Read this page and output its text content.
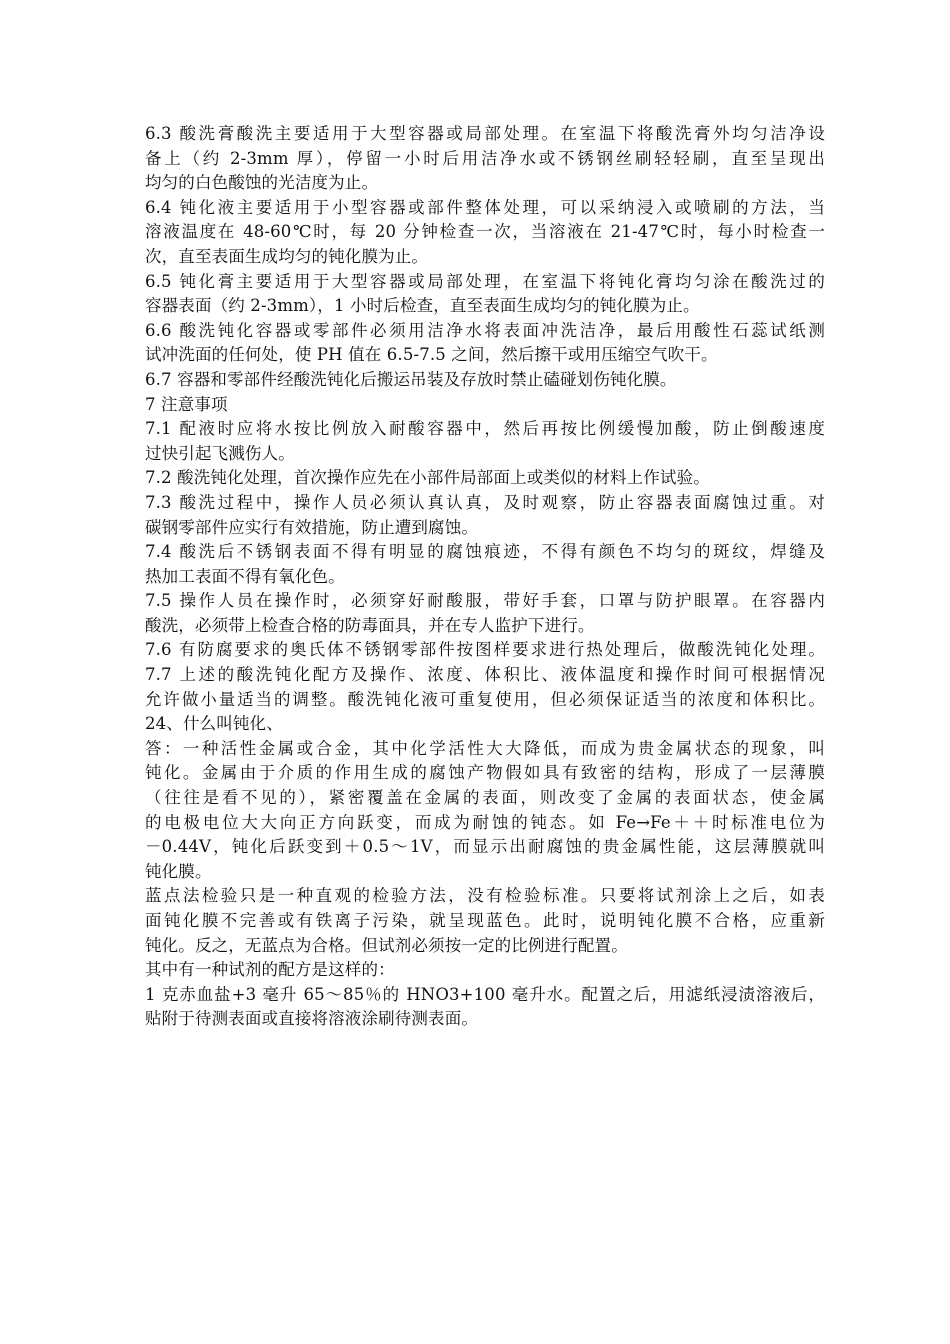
6.3 酸洗膏酸洗主要适用于大型容器或局部处理。在室温下将酸洗膏外均匀洁净设
备上（约 2-3mm 厚），停留一小时后用洁净水或不锈钢丝刷轻轻刷，直至呈现出
均匀的白色酸蚀的光洁度为止。
6.4 钝化液主要适用于小型容器或部件整体处理，可以采纳浸入或喷刷的方法，当
溶液温度在 48-60℃时，每 20 分钟检查一次，当溶液在 21-47℃时，每小时检查一
次，直至表面生成均匀的钝化膜为止。
6.5 钝化膏主要适用于大型容器或局部处理，在室温下将钝化膏均匀涂在酸洗过的
容器表面（约 2-3mm），1 小时后检查，直至表面生成均匀的钝化膜为止。
6.6 酸洗钝化容器或零部件必须用洁净水将表面冲洗洁净，最后用酸性石蕊试纸测
试冲洗面的任何处，使 PH 值在 6.5-7.5 之间，然后擦干或用压缩空气吹干。
6.7 容器和零部件经酸洗钝化后搬运吊装及存放时禁止磕碰划伤钝化膜。
7 注意事项
7.1 配液时应将水按比例放入耐酸容器中，然后再按比例缓慢加酸，防止倒酸速度
过快引起飞溅伤人。
7.2 酸洗钝化处理，首次操作应先在小部件局部面上或类似的材料上作试验。
7.3 酸洗过程中，操作人员必须认真认真，及时观察，防止容器表面腐蚀过重。对
碳钢零部件应实行有效措施，防止遭到腐蚀。
7.4 酸洗后不锈钢表面不得有明显的腐蚀痕迹，不得有颜色不均匀的斑纹，焊缝及
热加工表面不得有氧化色。
7.5 操作人员在操作时，必须穿好耐酸服，带好手套，口罩与防护眼罩。在容器内
酸洗，必须带上检查合格的防毒面具，并在专人监护下进行。
7.6 有防腐要求的奥氏体不锈钢零部件按图样要求进行热处理后，做酸洗钝化处理。
7.7 上述的酸洗钝化配方及操作、浓度、体积比、液体温度和操作时间可根据情况
允许做小量适当的调整。酸洗钝化液可重复使用，但必须保证适当的浓度和体积比。
24、什么叫钝化、
答：一种活性金属或合金，其中化学活性大大降低，而成为贵金属状态的现象，叫
钝化。金属由于介质的作用生成的腐蚀产物假如具有致密的结构，形成了一层薄膜
（往往是看不见的），紧密覆盖在金属的表面，则改变了金属的表面状态，使金属
的电极电位大大向正方向跃变，而成为耐蚀的钝态。如 Fe→Fe＋＋时标准电位为
－0.44V，钝化后跃变到＋0.5～1V，而显示出耐腐蚀的贵金属性能，这层薄膜就叫
钝化膜。
蓝点法检验只是一种直观的检验方法，没有检验标准。只要将试剂涂上之后，如表
面钝化膜不完善或有铁离子污染，就呈现蓝色。此时，说明钝化膜不合格，应重新
钝化。反之，无蓝点为合格。但试剂必须按一定的比例进行配置。
其中有一种试剂的配方是这样的：
1 克赤血盐+3 毫升 65～85％的 HNO3+100 毫升水。配置之后，用滤纸浸渍溶液后，
贴附于待测表面或直接将溶液涂刷待测表面。
